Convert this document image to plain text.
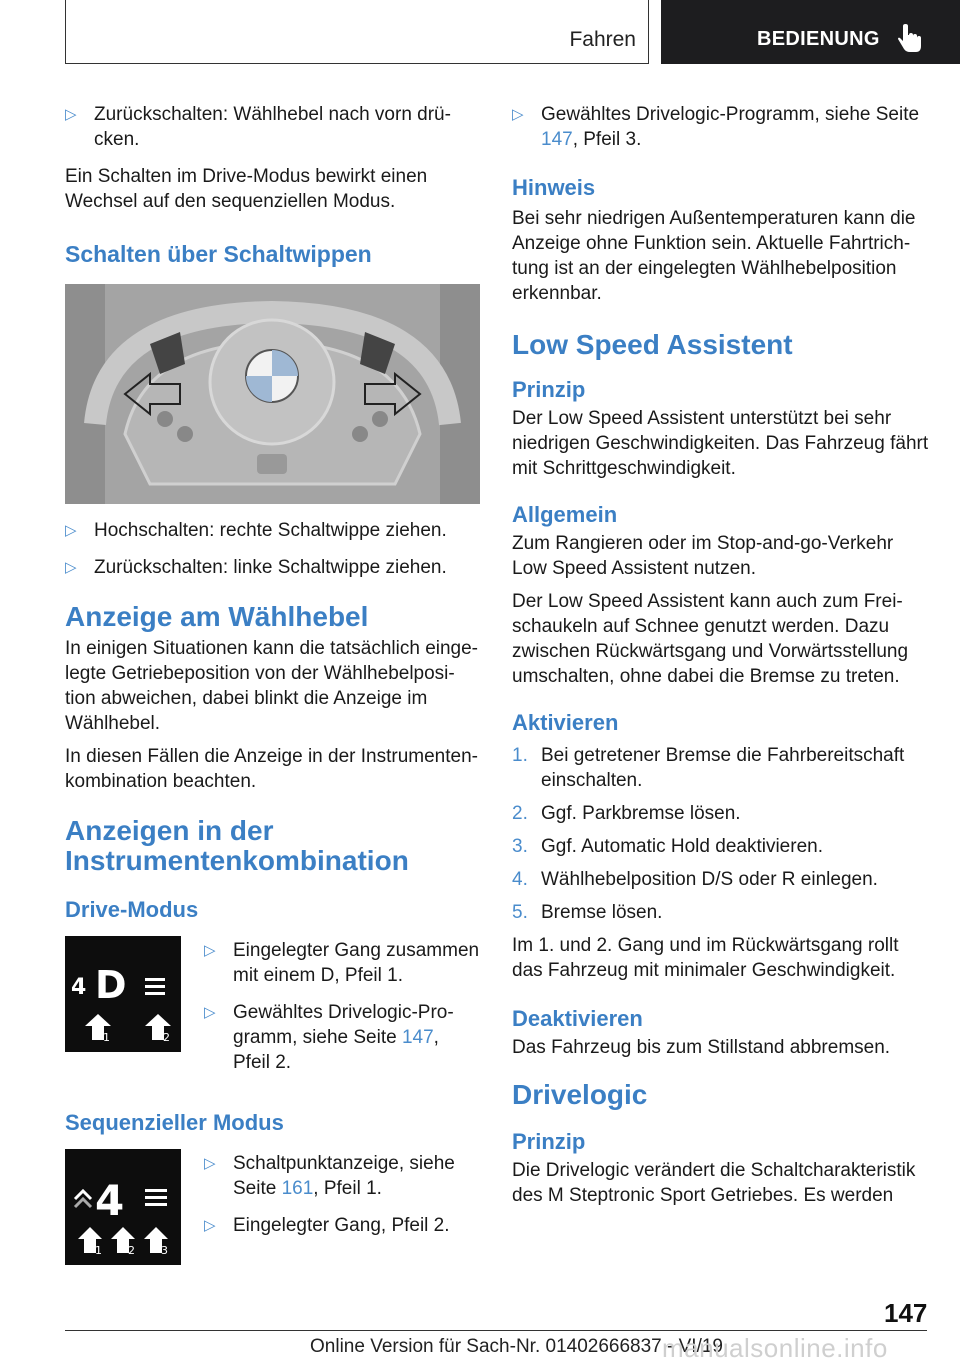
Fahren	BEDIENUNG
▷ Zurückschalten: Wählhebel nach vorn drü-cken.

Ein Schalten im Drive-Modus bewirkt einen Wechsel auf den sequenziellen Modus.

Schalten über Schaltwippen
▷ Hochschalten: rechte Schaltwippe ziehen.
▷ Zurückschalten: linke Schaltwippe ziehen.
Anzeige am Wählhebel

In einigen Situationen kann die tatsächlich einge-legte Getriebeposition von der Wählhebelposi-tion abweichen, dabei blinkt die Anzeige im Wählhebel.

In diesen Fällen die Anzeige in der Instrumenten-kombination beachten.

Anzeigen in der Instrumentenkombination
Drive-Modus
4 D
1	2
▷ Eingelegter Gang zusammen mit einem D, Pfeil 1.
▷ Gewähltes Drivelogic-Pro-gramm, siehe Seite 147, Pfeil 2.
Sequenzieller Modus
4
1 2 3
▷ Schaltpunktanzeige, siehe Seite 161, Pfeil 1.
▷ Eingelegter Gang, Pfeil 2.
▷ Gewähltes Drivelogic-Programm, siehe Seite 147, Pfeil 3.
Hinweis

Bei sehr niedrigen Außentemperaturen kann die Anzeige ohne Funktion sein. Aktuelle Fahrtrich-tung ist an der eingelegten Wählhebelposition erkennbar.

Low Speed Assistent
Prinzip

Der Low Speed Assistent unterstützt bei sehr niedrigen Geschwindigkeiten. Das Fahrzeug fährt mit Schrittgeschwindigkeit.

Allgemein

Zum Rangieren oder im Stop-and-go-Verkehr Low Speed Assistent nutzen.

Der Low Speed Assistent kann auch zum Frei-schaukeln auf Schnee genutzt werden. Dazu zwischen Rückwärtsgang und Vorwärtsstellung umschalten, ohne dabei die Bremse zu treten.

Aktivieren
1. Bei getretener Bremse die Fahrbereitschaft einschalten.
2. Ggf. Parkbremse lösen.
3. Ggf. Automatic Hold deaktivieren.
4. Wählhebelposition D/S oder R einlegen.
5. Bremse lösen.

Im 1. und 2. Gang und im Rückwärtsgang rollt das Fahrzeug mit minimaler Geschwindigkeit.

Deaktivieren

Das Fahrzeug bis zum Stillstand abbremsen.

Drivelogic
Prinzip

Die Drivelogic verändert die Schaltcharakteristik des M Steptronic Sport Getriebes. Es werden

147
Online Version für Sach-Nr. 01402666837 - VI/19
manualsonline.info
